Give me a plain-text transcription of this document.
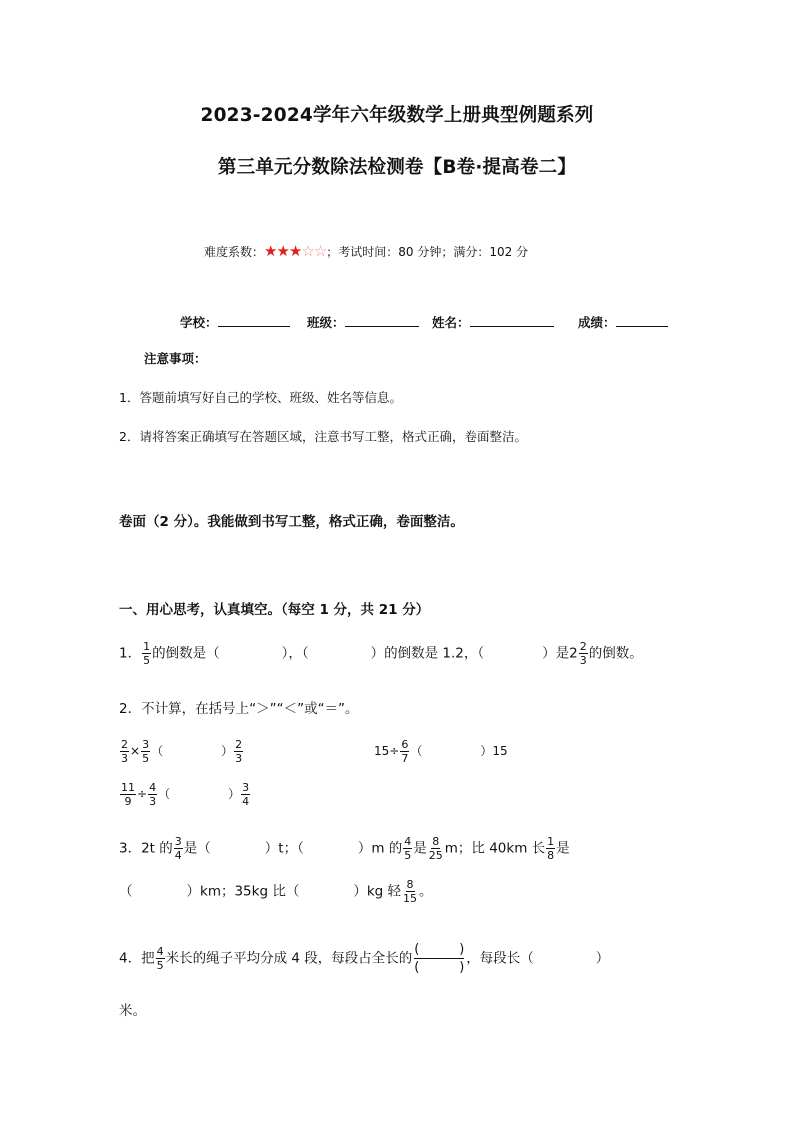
2023-2024学年六年级数学上册典型例题系列
第三单元分数除法检测卷【B卷·提高卷二】
难度系数：★★★☆☆；考试时间：80 分钟；满分：102 分
学校：	班级：	姓名：	成绩：
注意事项：
1．答题前填写好自己的学校、班级、姓名等信息。
2．请将答案正确填写在答题区域，注意书写工整，格式正确，卷面整洁。
卷面（2 分）。我能做到书写工整，格式正确，卷面整洁。
一、用心思考，认真填空。（每空 1 分，共 21 分）
1． $\frac{1}{5}$ 的倒数是（	），（	）的倒数是 1.2，（	）是$2 \frac{2}{3}$ 的倒数。
2．不计算，在括号上“＞”“＜”或“＝”。
$\frac{2}{3} \times \frac{3}{5}$ （	） $\frac{2}{3}$	$15\div \frac{6}{7}$ （	）15
$\frac{11}{9} \div \frac{4}{3}$ （	） $\frac{3}{4}$
3．2t 的 $\frac{3}{4}$ 是（	）t；（	）m 的 $\frac{4}{5}$ 是 $\frac{8}{25}$ m；比 40km 长 $\frac{1}{8}$ 是
（	）km；35kg 比（	）kg 轻 $\frac{8}{15}$ 。
4．把 $\frac{4}{5}$ 米长的绳子平均分成 4 段，每段占全长的
(	)
(	)
，每段长（	）
米。
